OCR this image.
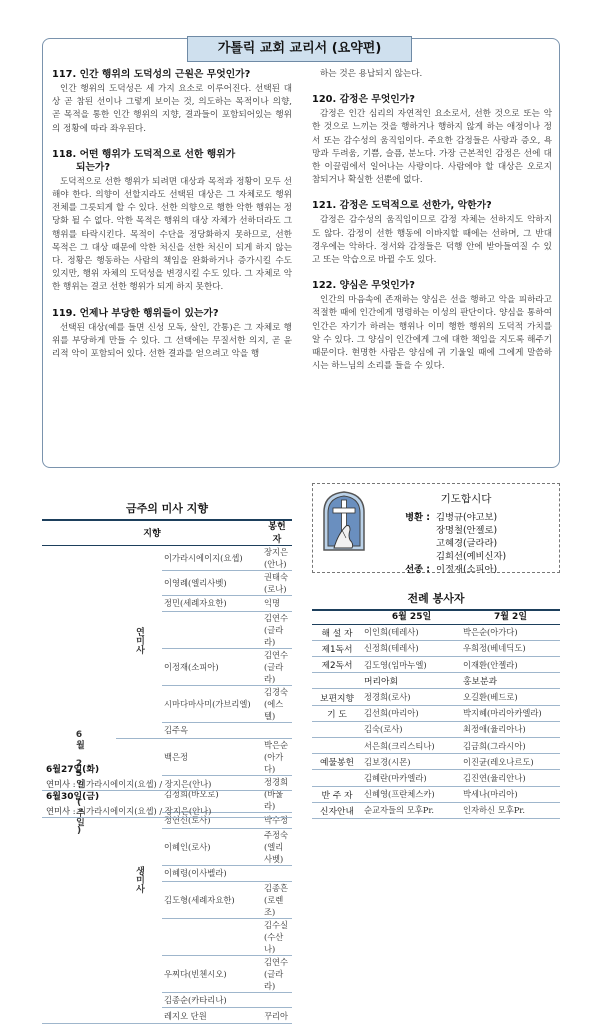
가톨릭 교회 교리서 (요약편)
117. 인간 행위의 도덕성의 근원은 무엇인가?
인간 행위의 도덕성은 세 가지 요소로 이루어진다. 선택된 대상 곧 참된 선이나 그렇게 보이는 것, 의도하는 목적이나 의향, 곧 목적을 통한 인간 행위의 지향, 결과들이 포함되어있는 행위의 정황에 따라 좌우된다.
118. 어떤 행위가 도덕적으로 선한 행위가
되는가?
도덕적으로 선한 행위가 되려면 대상과 목적과 정황이 모두 선해야 한다. 의향이 선할지라도 선택된 대상은 그 자체로도 행위 전체를 그릇되게 할 수 있다. 선한 의향으로 행한 악한 행위는 정당화 될 수 없다. 악한 목적은 행위의 대상 자체가 선하더라도 그 행위를 타락시킨다. 목적이 수단을 정당화하지 못하므로, 선한 목적은 그 대상 때문에 악한 처신을 선한 처신이 되게 하지 않는다. 정황은 행동하는 사람의 책임을 완화하거나 증가시킬 수도 있지만, 행위 자체의 도덕성을 변경시킬 수도 있다. 그 자체로 악한 행위는 결코 선한 행위가 되게 하지 못한다.
119. 언제나 부당한 행위들이 있는가?
선택된 대상(예를 들면 신성 모독, 살인, 간통)은 그 자체로 행위를 부당하게 만들 수 있다. 그 선택에는 무질서한 의지, 곧 윤리적 악이 포함되어 있다. 선한 결과를 얻으려고 악을 행
하는 것은 용납되지 않는다.
120. 감정은 무엇인가?
감정은 인간 심리의 자연적인 요소로서, 선한 것으로 또는 악한 것으로 느끼는 것을 행하거나 행하지 않게 하는 애정이나 정서 또는 감수성의 움직임이다. 주요한 감정들은 사랑과 증오, 욕망과 두려움, 기쁨, 슬픔, 분노다. 가장 근본적인 감정은 선에 대한 이끌림에서 일어나는 사랑이다. 사람에야 할 대상은 오로지 참되거나 확실한 선뿐에 없다.
121. 감정은 도덕적으로 선한가, 악한가?
감정은 감수성의 움직임이므로 감정 자체는 선하지도 악하지도 않다. 감정이 선한 행동에 이바지할 때에는 선하며, 그 반대 경우에는 악하다. 정서와 감정들은 덕행 안에 받아들여질 수 있고 또는 악습으로 바뀔 수도 있다.
122. 양심은 무엇인가?
인간의 마음속에 존재하는 양심은 선을 행하고 악을 피하라고 적절한 때에 인간에게 명령하는 이성의 판단이다. 양심을 통하여 인간은 자기가 하려는 행위나 이미 행한 행위의 도덕적 가치를 알 수 있다. 그 양심이 인간에게 그에 대한 책임을 지도록 해주기 때문이다. 현명한 사람은 양심에 귀 기울일 때에 그에게 말씀하시는 하느님의 소리를 들을 수 있다.
금주의 미사 지향
지향			봉헌자
6월 25일 (주일)	연미사	이가라시에이지(요셉)	장지은(안나)
		이영례(엘리사벳)	권태숙(로나)
		정민(세례자요한)	익명
			김연수(글라라)
		이정재(소피아)	김연수(글라라)
		시마다마사미(가브리엘)	김경숙(에스텔)
		김주옥	
	생미사	백은정	박은순(아가다)
		김정희(바오로)	정경희(바울라)
		정연신(로사)	박수정
		이혜인(로사)	주정숙(엘리사벳)
		이혜령(이사벨라)	
		김도형(세례자요한)	김종흔(로렌조)
			김수실(수산나)
		우찌다(빈첸시오)	김연수(글라라)
		김종순(카타리나)	
		레지오 단원	꾸리아
6월27일(화)
연미사 : 이가라시에이지(요셉) / 장지은(안나)
6월30일(금)
연미사 : 이가라시에이지(요셉) / 장지은(안나)
기도합시다
병환 : 김병규(야고보)
장명철(안젤로)
고혜경(글라라)
김희선(예비신자)
선종 : 이정재(소피아)
전례 봉사자
	6월 25일	7월 2일
해 설 자	이인희(테레사)	박은순(아가다)
제1독서	신정희(테레사)	우희정(베네딕도)
제2독서	김도영(임마누엘)	이재환(안젤라)
	머리아회	홍보분과
보편지향	정경희(로사)	오길환(베드로)
기 도	김선희(마리아)	박지혜(마리아카엘라)
	김숙(로사)	최정애(율리아나)
	서은희(크리스티나)	김금희(그라시아)
예물봉헌	김보경(시몬)	이진균(레오나르도)
	김혜란(마카엘라)	김진연(율리안나)
반 주 자	신혜영(프란체스카)	박세나(마리아)
신자안내	순교자들의 모후Pr.	인자하신 모후Pr.
